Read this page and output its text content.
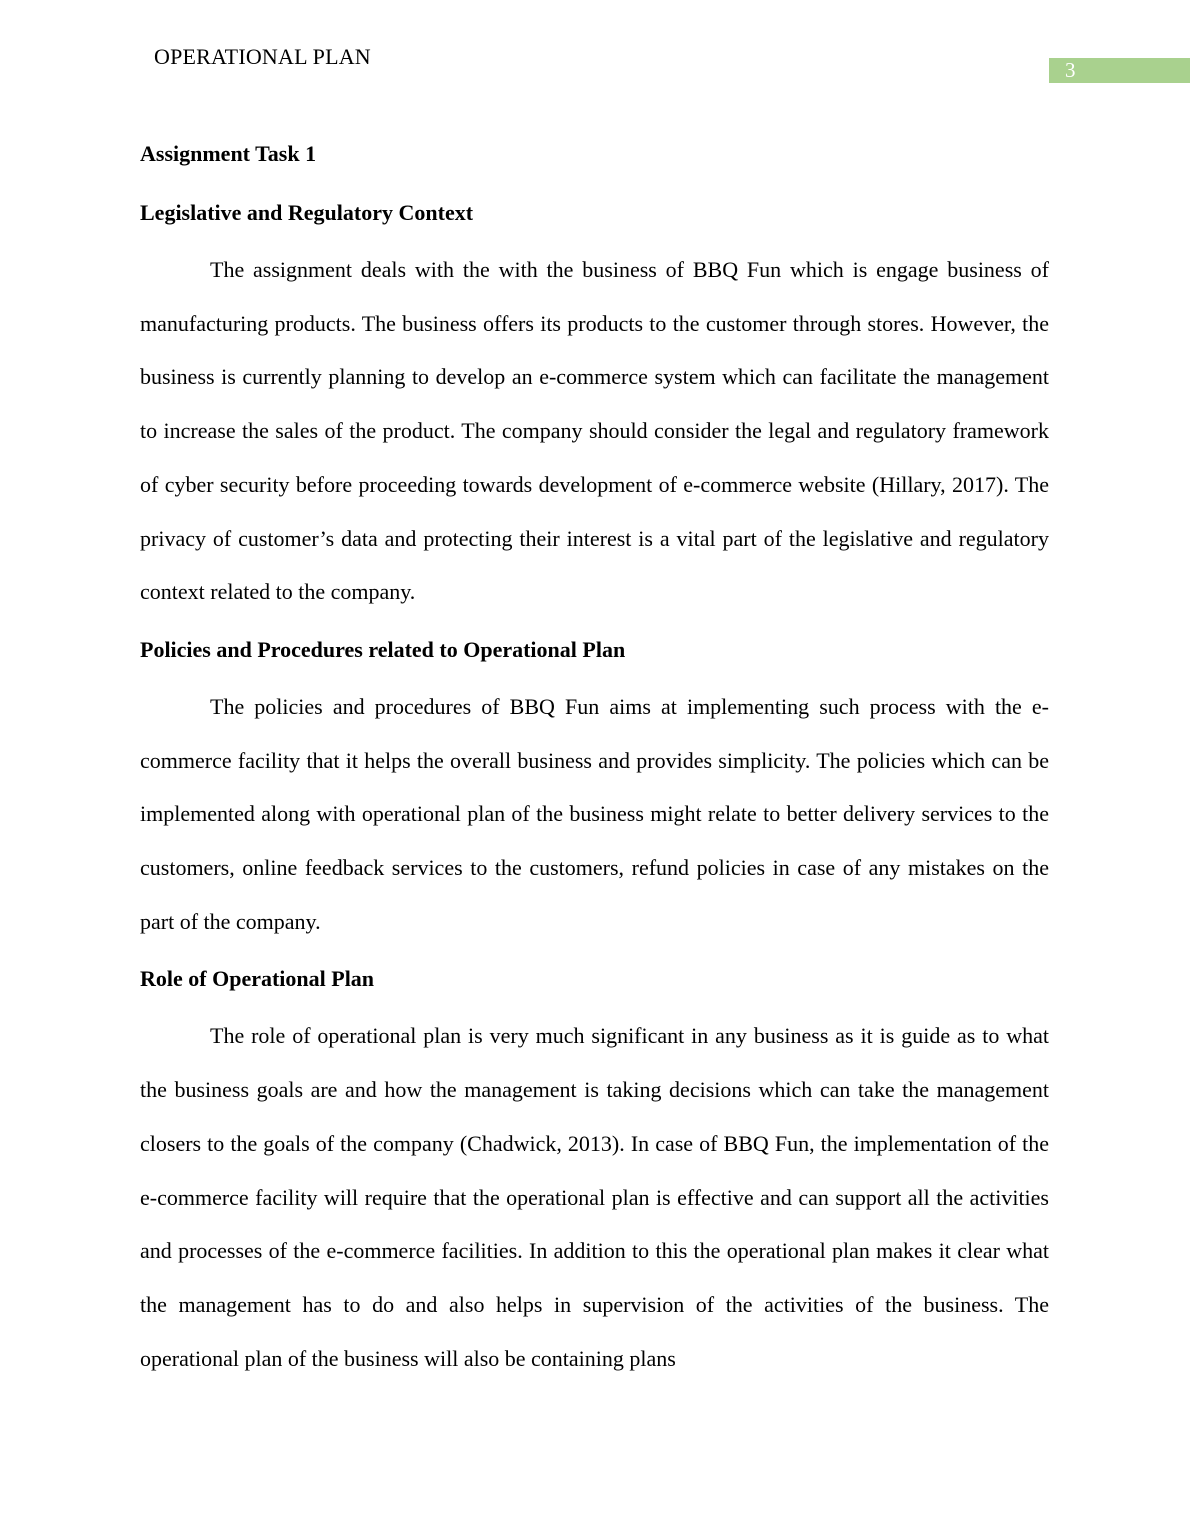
OPERATIONAL PLAN
3
Assignment Task 1
Legislative and Regulatory Context

The assignment deals with the with the business of BBQ Fun which is engage business of manufacturing products. The business offers its products to the customer through stores. However, the business is currently planning to develop an e-commerce system which can facilitate the management to increase the sales of the product. The company should consider the legal and regulatory framework of cyber security before proceeding towards development of e-commerce website (Hillary, 2017). The privacy of customer’s data and protecting their interest is a vital part of the legislative and regulatory context related to the company.

Policies and Procedures related to Operational Plan

The policies and procedures of BBQ Fun aims at implementing such process with the e-commerce facility that it helps the overall business and provides simplicity. The policies which can be implemented along with operational plan of the business might relate to better delivery services to the customers, online feedback services to the customers, refund policies in case of any mistakes on the part of the company.

Role of Operational Plan

The role of operational plan is very much significant in any business as it is guide as to what the business goals are and how the management is taking decisions which can take the management closers to the goals of the company (Chadwick, 2013). In case of BBQ Fun, the implementation of the e-commerce facility will require that the operational plan is effective and can support all the activities and processes of the e-commerce facilities. In addition to this the operational plan makes it clear what the management has to do and also helps in supervision of the activities of the business. The operational plan of the business will also be containing plans
